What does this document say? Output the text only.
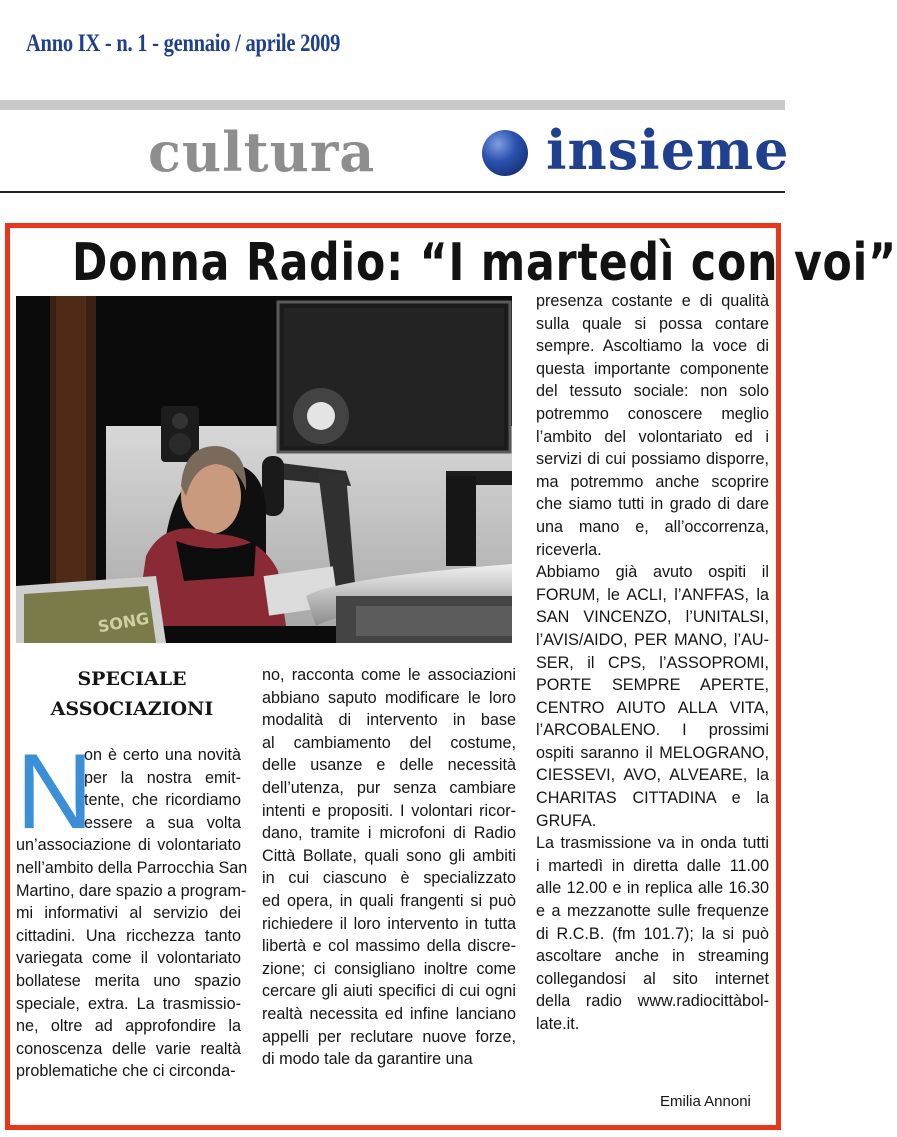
Anno IX - n. 1 - gennaio / aprile 2009
cultura	insieme
Donna Radio: “I martedì con voi”
SONG
SPECIALE
ASSOCIAZIONI
N
on è certo una novità
per la nostra emit-
tente, che ricordiamo
essere a sua volta
un’associazione di volontariato
nell’ambito della Parrocchia San
Martino, dare spazio a program-
mi informativi al servizio dei
cittadini. Una ricchezza tanto
variegata come il volontariato
bollatese merita uno spazio
speciale, extra. La trasmissio-
ne, oltre ad approfondire la
conoscenza delle varie realtà
problematiche che ci circonda-
no, racconta come le associazioni
abbiano saputo modificare le loro
modalità di intervento in base
al cambiamento del costume,
delle usanze e delle necessità
dell’utenza, pur senza cambiare
intenti e propositi. I volontari ricor-
dano, tramite i microfoni di Radio
Città Bollate, quali sono gli ambiti
in cui ciascuno è specializzato
ed opera, in quali frangenti si può
richiedere il loro intervento in tutta
libertà e col massimo della discre-
zione; ci consigliano inoltre come
cercare gli aiuti specifici di cui ogni
realtà necessita ed infine lanciano
appelli per reclutare nuove forze,
di modo tale da garantire una
presenza costante e di qualità
sulla quale si possa contare
sempre. Ascoltiamo la voce di
questa importante componente
del tessuto sociale: non solo
potremmo conoscere meglio
l’ambito del volontariato ed i
servizi di cui possiamo disporre,
ma potremmo anche scoprire
che siamo tutti in grado di dare
una mano e, all’occorrenza,
riceverla.
Abbiamo già avuto ospiti il
FORUM, le ACLI, l’ANFFAS, la
SAN VINCENZO, l’UNITALSI,
l’AVIS/AIDO, PER MANO, l’AU-
SER, il CPS, l’ASSOPROMI,
PORTE SEMPRE APERTE,
CENTRO AIUTO ALLA VITA,
l’ARCOBALENO. I prossimi
ospiti saranno il MELOGRANO,
CIESSEVI, AVO, ALVEARE, la
CHARITAS CITTADINA e la
GRUFA.
La trasmissione va in onda tutti
i martedì in diretta dalle 11.00
alle 12.00 e in replica alle 16.30
e a mezzanotte sulle frequenze
di R.C.B. (fm 101.7); la si può
ascoltare anche in streaming
collegandosi al sito internet
della radio www.radiocittàbol-
late.it.
Emilia Annoni
